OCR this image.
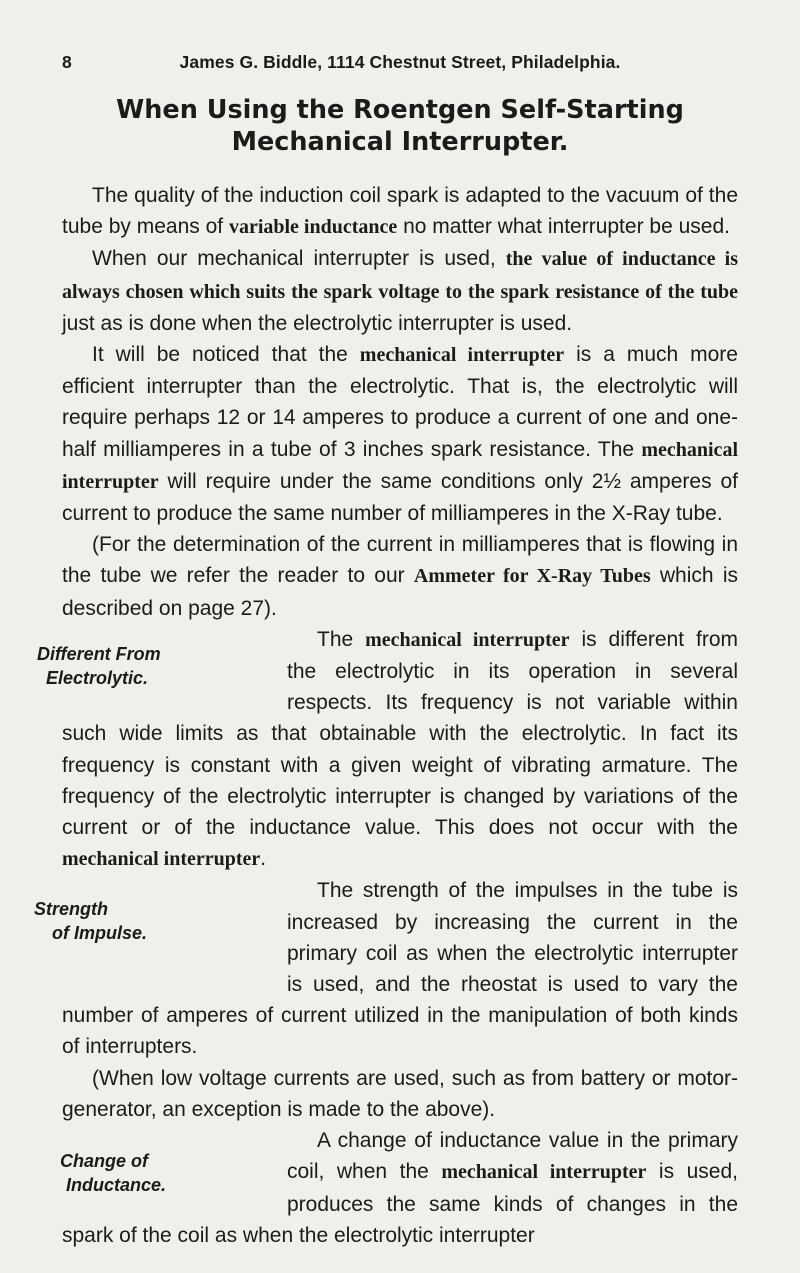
8	James G. Biddle, 1114 Chestnut Street, Philadelphia.
When Using the Roentgen Self-Starting
Mechanical Interrupter.

The quality of the induction coil spark is adapted to the vacuum of the tube by means of variable inductance no matter what interrupter be used.

When our mechanical interrupter is used, the value of inductance is always chosen which suits the spark voltage to the spark resistance of the tube just as is done when the electrolytic interrupter is used.

It will be noticed that the mechanical interrupter is a much more efficient interrupter than the electrolytic. That is, the electrolytic will require perhaps 12 or 14 amperes to produce a current of one and one-half milliamperes in a tube of 3 inches spark resistance. The mechanical interrupter will require under the same conditions only 2½ amperes of current to produce the same number of milliamperes in the X-Ray tube.

(For the determination of the current in milliamperes that is flowing in the tube we refer the reader to our Ammeter for X-Ray Tubes which is described on page 27).

Different From
Electrolytic.
The mechanical interrupter is different from the electrolytic in its operation in several respects. Its frequency is not variable within such wide limits as that obtainable with the electrolytic. In fact its frequency is constant with a given weight of vibrating armature. The frequency of the electrolytic interrupter is changed by variations of the current or of the inductance value. This does not occur with the mechanical interrupter.

Strength
of Impulse.
The strength of the impulses in the tube is increased by increasing the current in the primary coil as when the electrolytic interrupter is used, and the rheostat is used to vary the number of amperes of current utilized in the manipulation of both kinds of interrupters.

(When low voltage currents are used, such as from battery or motor-generator, an exception is made to the above).

Change of
Inductance.
A change of inductance value in the primary coil, when the mechanical interrupter is used, produces the same kinds of changes in the spark of the coil as when the electrolytic interrupter
